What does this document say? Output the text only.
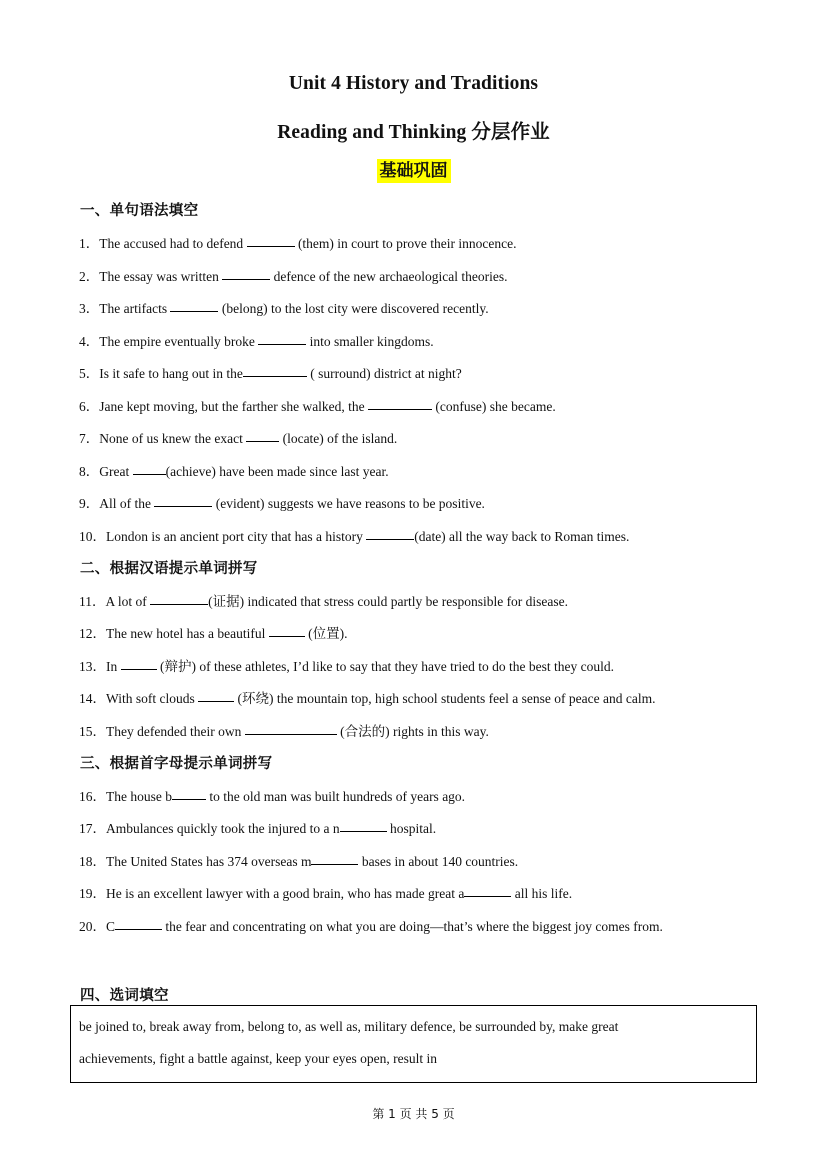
Unit 4 History and Traditions
Reading and Thinking 分层作业
基础巩固
一、单句语法填空
1．The accused had to defend	(them) in court to prove their innocence.
2．The essay was written	defence of the new archaeological theories.
3．The artifacts	(belong) to the lost city were discovered recently.
4．The empire eventually broke	into smaller kingdoms.
5．Is it safe to hang out in the	( surround) district at night?
6．Jane kept moving, but the farther she walked, the	(confuse) she became.
7．None of us knew the exact  (locate) of the island.
8．Great (achieve) have been made since last year.
9．All of the	(evident) suggests we have reasons to be positive.
10．London is an ancient port city that has a history	(date) all the way back to Roman times.
二、根据汉语提示单词拼写
11．A lot of	(证据) indicated that stress could partly be responsible for disease.
12．The new hotel has a beautiful	(位置).
13．In	(辩护) of these athletes, I’d like to say that they have tried to do the best they could.
14．With soft clouds	(环绕) the mountain top, high school students feel a sense of peace and calm.
15．They defended their own	(合法的) rights in this way.
三、根据首字母提示单词拼写
16．The house b	to the old man was built hundreds of years ago.
17．Ambulances quickly took the injured to a n	hospital.
18．The United States has 374 overseas m	bases in about 140 countries.
19．He is an excellent lawyer with a good brain, who has made great a	all his life.
20．C	the fear and concentrating on what you are doing—that’s where the biggest joy comes from.
四、选词填空
be joined to, break away from, belong to, as well as, military defence, be surrounded by, make great
achievements, fight a battle against, keep your eyes open, result in
第 1 页 共 5 页
